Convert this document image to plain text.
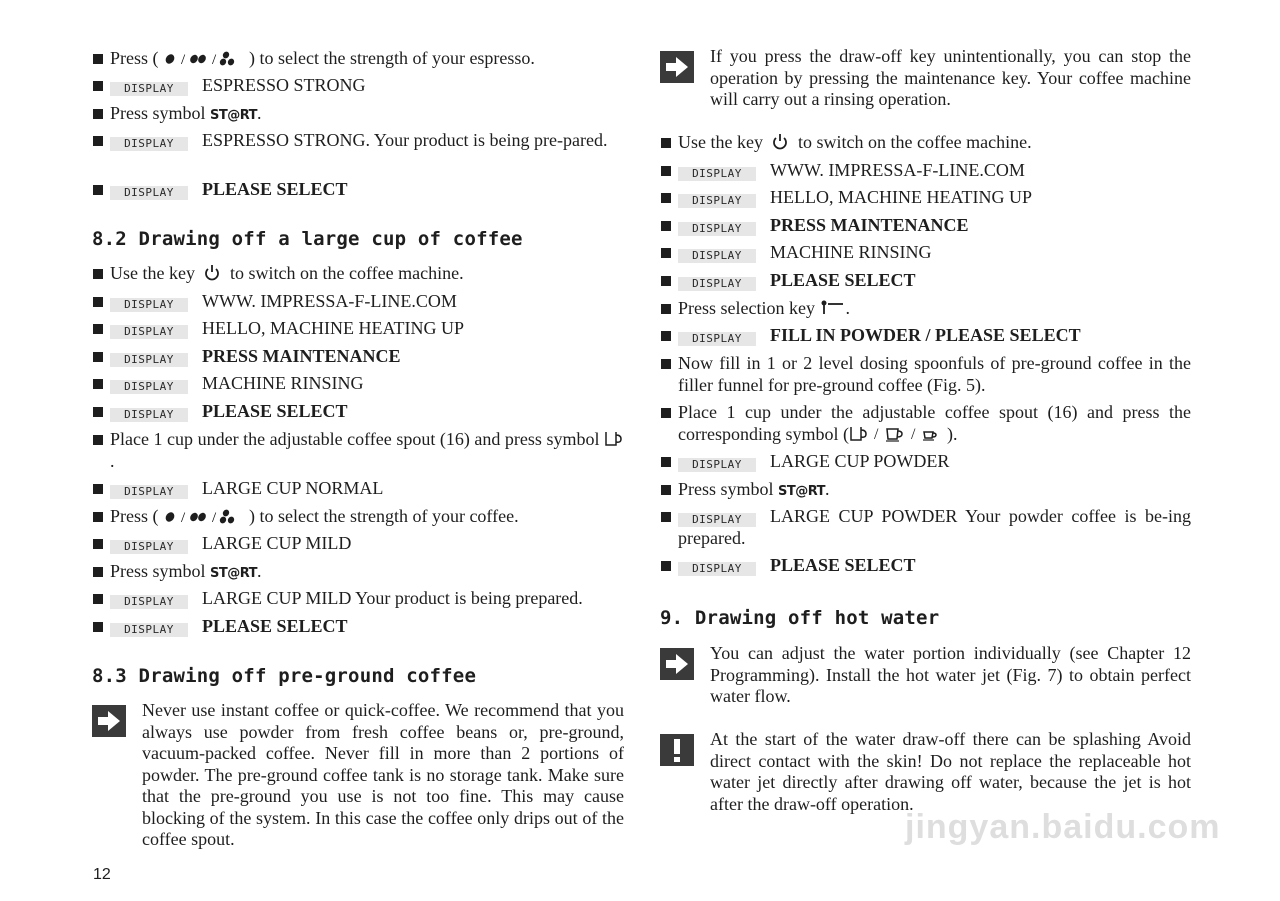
Press ( / / ) to select the strength of your espresso.
DISPLAY ESPRESSO STRONG
Press symbol ST@RT.
DISPLAY ESPRESSO STRONG. Your product is being pre-pared.
DISPLAY PLEASE SELECT
8.2 Drawing off a large cup of coffee
Use the key to switch on the coffee machine.
DISPLAY WWW. IMPRESSA-F-LINE.COM
DISPLAY HELLO, MACHINE HEATING UP
DISPLAY PRESS MAINTENANCE
DISPLAY MACHINE RINSING
DISPLAY PLEASE SELECT
Place 1 cup under the adjustable coffee spout (16) and press symbol .
DISPLAY LARGE CUP NORMAL
Press ( / / ) to select the strength of your coffee.
DISPLAY LARGE CUP MILD
Press symbol ST@RT.
DISPLAY LARGE CUP MILD Your product is being prepared.
DISPLAY PLEASE SELECT
8.3 Drawing off pre-ground coffee
Never use instant coffee or quick-coffee. We recommend that you always use powder from fresh coffee beans or, pre-ground, vacuum-packed coffee. Never fill in more than 2 portions of powder. The pre-ground coffee tank is no storage tank. Make sure that the pre-ground you use is not too fine. This may cause blocking of the system. In this case the coffee only drips out of the coffee spout.
If you press the draw-off key unintentionally, you can stop the operation by pressing the maintenance key. Your coffee machine will carry out a rinsing operation.
Use the key to switch on the coffee machine.
DISPLAY WWW. IMPRESSA-F-LINE.COM
DISPLAY HELLO, MACHINE HEATING UP
DISPLAY PRESS MAINTENANCE
DISPLAY MACHINE RINSING
DISPLAY PLEASE SELECT
Press selection key .
DISPLAY FILL IN POWDER / PLEASE SELECT
Now fill in 1 or 2 level dosing spoonfuls of pre-ground coffee in the filler funnel for pre-ground coffee (Fig. 5).
Place 1 cup under the adjustable coffee spout (16) and press the corresponding symbol ( / / ).
DISPLAY LARGE CUP POWDER
Press symbol ST@RT.
DISPLAY LARGE CUP POWDER Your powder coffee is be-ing prepared.
DISPLAY PLEASE SELECT
9. Drawing off hot water
You can adjust the water portion individually (see Chapter 12 Programming). Install the hot water jet (Fig. 7) to obtain perfect water flow.
At the start of the water draw-off there can be splashing Avoid direct contact with the skin! Do not replace the replaceable hot water jet directly after drawing off water, because the jet is hot after the draw-off operation.
12
jingyan.baidu.com
